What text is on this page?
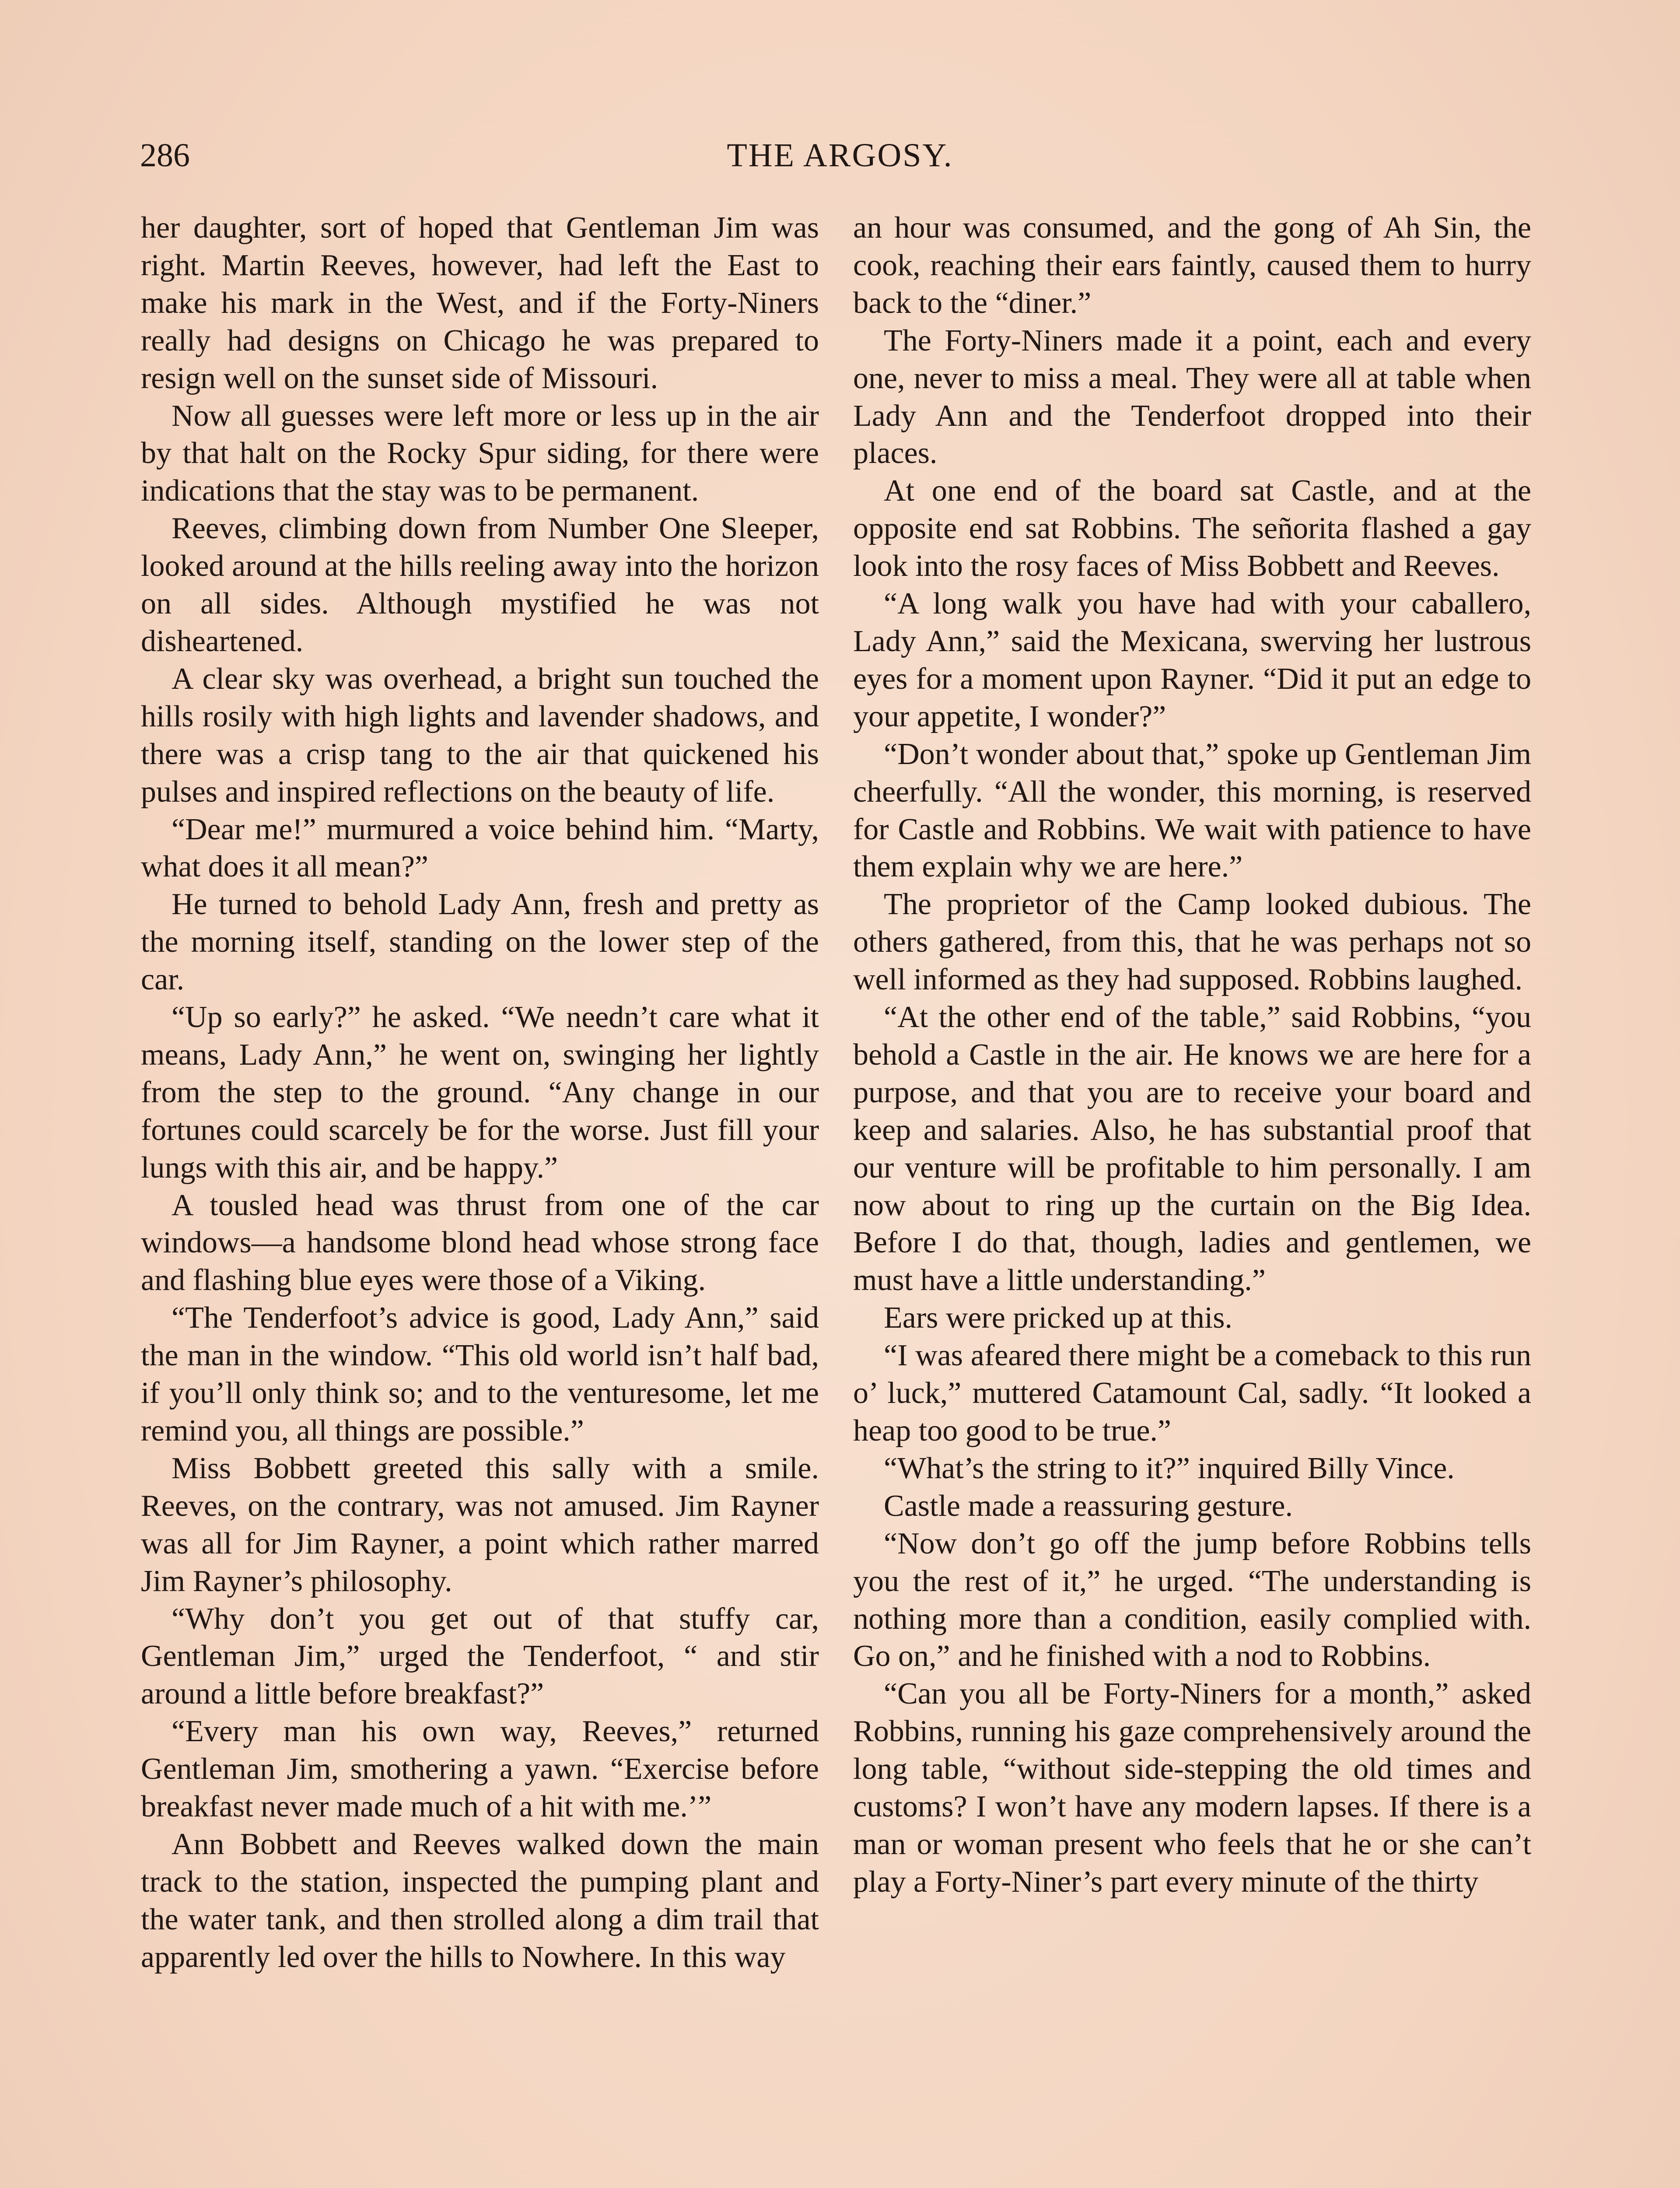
286	THE ARGOSY.

her daughter, sort of hoped that Gentleman Jim was right. Martin Reeves, however, had left the East to make his mark in the West, and if the Forty-Niners really had designs on Chicago he was prepared to resign well on the sunset side of Missouri.

Now all guesses were left more or less up in the air by that halt on the Rocky Spur siding, for there were indications that the stay was to be permanent.

Reeves, climbing down from Number One Sleeper, looked around at the hills reeling away into the horizon on all sides. Although mystified he was not disheartened.

A clear sky was overhead, a bright sun touched the hills rosily with high lights and lavender shadows, and there was a crisp tang to the air that quickened his pulses and inspired reflections on the beauty of life.

“Dear me!” murmured a voice behind him. “Marty, what does it all mean?”

He turned to behold Lady Ann, fresh and pretty as the morning itself, standing on the lower step of the car.

“Up so early?” he asked. “We needn’t care what it means, Lady Ann,” he went on, swinging her lightly from the step to the ground. “Any change in our fortunes could scarcely be for the worse. Just fill your lungs with this air, and be happy.”

A tousled head was thrust from one of the car windows—a handsome blond head whose strong face and flashing blue eyes were those of a Viking.

“The Tenderfoot’s advice is good, Lady Ann,” said the man in the window. “This old world isn’t half bad, if you’ll only think so; and to the venturesome, let me remind you, all things are possible.”

Miss Bobbett greeted this sally with a smile. Reeves, on the contrary, was not amused. Jim Rayner was all for Jim Rayner, a point which rather marred Jim Rayner’s philosophy.

“Why don’t you get out of that stuffy car, Gentleman Jim,” urged the Tenderfoot, “ and stir around a little before breakfast?”

“Every man his own way, Reeves,” returned Gentleman Jim, smothering a yawn. “Exercise before breakfast never made much of a hit with me.’”

Ann Bobbett and Reeves walked down the main track to the station, inspected the pumping plant and the water tank, and then strolled along a dim trail that apparently led over the hills to Nowhere. In this way

an hour was consumed, and the gong of Ah Sin, the cook, reaching their ears faintly, caused them to hurry back to the “diner.”

The Forty-Niners made it a point, each and every one, never to miss a meal. They were all at table when Lady Ann and the Tenderfoot dropped into their places.

At one end of the board sat Castle, and at the opposite end sat Robbins. The señorita flashed a gay look into the rosy faces of Miss Bobbett and Reeves.

“A long walk you have had with your caballero, Lady Ann,” said the Mexicana, swerving her lustrous eyes for a moment upon Rayner. “Did it put an edge to your appetite, I wonder?”

“Don’t wonder about that,” spoke up Gentleman Jim cheerfully. “All the wonder, this morning, is reserved for Castle and Robbins. We wait with patience to have them explain why we are here.”

The proprietor of the Camp looked dubious. The others gathered, from this, that he was perhaps not so well informed as they had supposed. Robbins laughed.

“At the other end of the table,” said Robbins, “you behold a Castle in the air. He knows we are here for a purpose, and that you are to receive your board and keep and salaries. Also, he has substantial proof that our venture will be profitable to him personally. I am now about to ring up the curtain on the Big Idea. Before I do that, though, ladies and gentlemen, we must have a little understanding.”

Ears were pricked up at this.

“I was afeared there might be a comeback to this run o’ luck,” muttered Catamount Cal, sadly. “It looked a heap too good to be true.”

“What’s the string to it?” inquired Billy Vince.

Castle made a reassuring gesture.

“Now don’t go off the jump before Robbins tells you the rest of it,” he urged. “The understanding is nothing more than a condition, easily complied with. Go on,” and he finished with a nod to Robbins.

“Can you all be Forty-Niners for a month,” asked Robbins, running his gaze comprehensively around the long table, “without side-stepping the old times and customs? I won’t have any modern lapses. If there is a man or woman present who feels that he or she can’t play a Forty-Niner’s part every minute of the thirty
